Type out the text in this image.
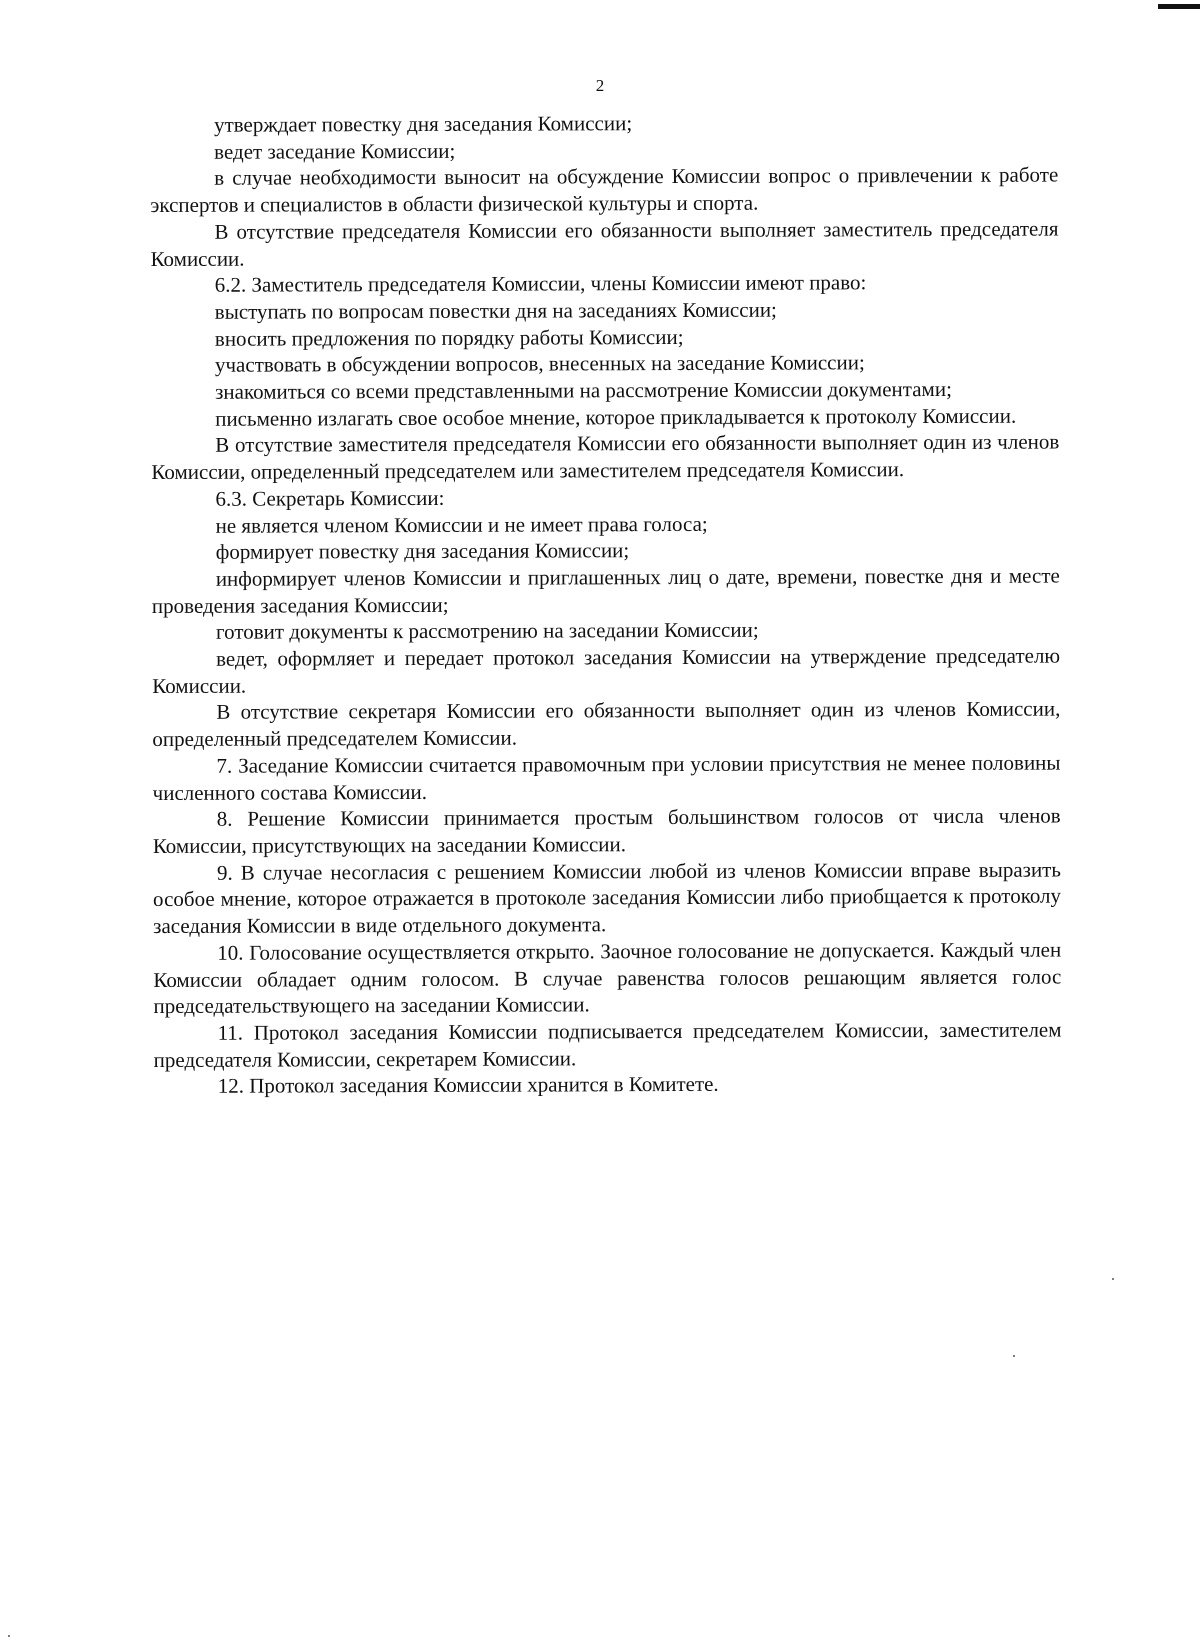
2

утверждает повестку дня заседания Комиссии;

ведет заседание Комиссии;

в случае необходимости выносит на обсуждение Комиссии вопрос о привлечении к работе экспертов и специалистов в области физической культуры и спорта.

В отсутствие председателя Комиссии его обязанности выполняет заместитель председателя Комиссии.

6.2. Заместитель председателя Комиссии, члены Комиссии имеют право:

выступать по вопросам повестки дня на заседаниях Комиссии;

вносить предложения по порядку работы Комиссии;

участвовать в обсуждении вопросов, внесенных на заседание Комиссии;

знакомиться со всеми представленными на рассмотрение Комиссии документами;

письменно излагать свое особое мнение, которое прикладывается к протоколу Комиссии.

В отсутствие заместителя председателя Комиссии его обязанности выполняет один из членов Комиссии, определенный председателем или заместителем председателя Комиссии.

6.3. Секретарь Комиссии:

не является членом Комиссии и не имеет права голоса;

формирует повестку дня заседания Комиссии;

информирует членов Комиссии и приглашенных лиц о дате, времени, повестке дня и месте проведения заседания Комиссии;

готовит документы к рассмотрению на заседании Комиссии;

ведет, оформляет и передает протокол заседания Комиссии на утверждение председателю Комиссии.

В отсутствие секретаря Комиссии его обязанности выполняет один из членов Комиссии, определенный председателем Комиссии.

7. Заседание Комиссии считается правомочным при условии присутствия не менее половины численного состава Комиссии.

8. Решение Комиссии принимается простым большинством голосов от числа членов Комиссии, присутствующих на заседании Комиссии.

9. В случае несогласия с решением Комиссии любой из членов Комиссии вправе выразить особое мнение, которое отражается в протоколе заседания Комиссии либо приобщается к протоколу заседания Комиссии в виде отдельного документа.

10. Голосование осуществляется открыто. Заочное голосование не допускается. Каждый член Комиссии обладает одним голосом. В случае равенства голосов решающим является голос председательствующего на заседании Комиссии.

11. Протокол заседания Комиссии подписывается председателем Комиссии, заместителем председателя Комиссии, секретарем Комиссии.

12. Протокол заседания Комиссии хранится в Комитете.
